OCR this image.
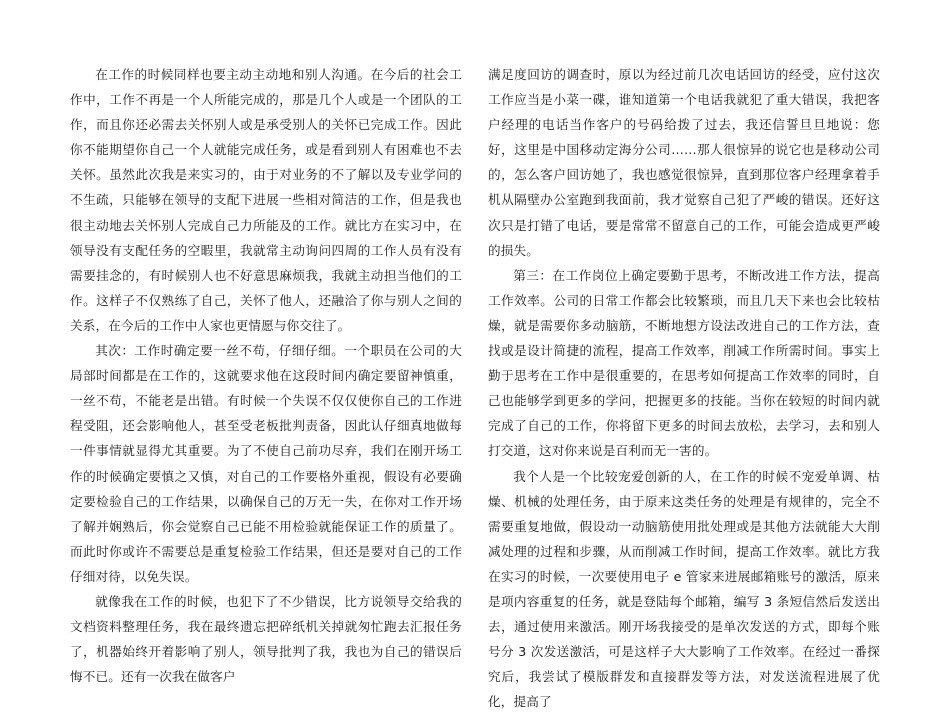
在工作的时候同样也要主动主动地和别人沟通。在今后的社会工作中，工作不再是一个人所能完成的，那是几个人或是一个团队的工作，而且你还必需去关怀别人或是承受别人的关怀已完成工作。因此你不能期望你自己一个人就能完成任务，或是看到别人有困难也不去关怀。虽然此次我是来实习的，由于对业务的不了解以及专业学问的不生疏，只能够在领导的支配下进展一些相对简洁的工作，但是我也很主动地去关怀别人完成自己力所能及的工作。就比方在实习中，在领导没有支配任务的空暇里，我就常主动询问四周的工作人员有没有需要挂念的，有时候别人也不好意思麻烦我，我就主动担当他们的工作。这样子不仅熟练了自己，关怀了他人，还融洽了你与别人之间的关系，在今后的工作中人家也更情愿与你交往了。

其次：工作时确定要一丝不苟，仔细仔细。一个职员在公司的大局部时间都是在工作的，这就要求他在这段时间内确定要留神慎重，一丝不苟，不能老是出错。有时候一个失误不仅仅使你自己的工作进程受阻，还会影响他人，甚至受老板批判责备，因此认仔细真地做每一件事情就显得尤其重要。为了不使自己前功尽弃，我们在刚开场工作的时候确定要慎之又慎，对自己的工作要格外重视，假设有必要确定要检验自己的工作结果，以确保自己的万无一失，在你对工作开场了解并娴熟后，你会觉察自己已能不用检验就能保证工作的质量了。而此时你或许不需要总是重复检验工作结果，但还是要对自己的工作仔细对待，以免失误。

就像我在工作的时候，也犯下了不少错误，比方说领导交给我的文档资料整理任务，我在最终遗忘把碎纸机关掉就匆忙跑去汇报任务了，机器始终开着影响了别人，领导批判了我，我也为自己的错误后悔不已。还有一次我在做客户

满足度回访的调查时，原以为经过前几次电话回访的经受，应付这次工作应当是小菜一碟，谁知道第一个电话我就犯了重大错误，我把客户经理的电话当作客户的号码给拨了过去，我还信誓旦旦地说：您好，这里是中国移动定海分公司……那人很惊异的说它也是移动公司的，怎么客户回访她了，我也感觉很惊异，直到那位客户经理拿着手机从隔壁办公室跑到我面前，我才觉察自己犯了严峻的错误。还好这次只是打错了电话，要是常常不留意自己的工作，可能会造成更严峻的损失。

第三：在工作岗位上确定要勤于思考，不断改进工作方法，提高工作效率。公司的日常工作都会比较繁琐，而且几天下来也会比较枯燥，就是需要你多动脑筋，不断地想方设法改进自己的工作方法，查找或是设计简捷的流程，提高工作效率，削减工作所需时间。事实上勤于思考在工作中是很重要的，在思考如何提高工作效率的同时，自己也能够学到更多的学问，把握更多的技能。当你在较短的时间内就完成了自己的工作，你将留下更多的时间去放松，去学习，去和别人打交道，这对你来说是百利而无一害的。

我个人是一个比较宠爱创新的人，在工作的时候不宠爱单调、枯燥、机械的处理任务，由于原来这类任务的处理是有规律的，完全不需要重复地做，假设动一动脑筋使用批处理或是其他方法就能大大削减处理的过程和步骤，从而削减工作时间，提高工作效率。就比方我在实习的时候，一次要使用电子 e 管家来进展邮箱账号的激活，原来是项内容重复的任务，就是登陆每个邮箱，编写 3 条短信然后发送出去，通过使用来激活。刚开场我接受的是单次发送的方式，即每个账号分 3 次发送激活，可是这样子大大影响了工作效率。在经过一番探究后，我尝试了模版群发和直接群发等方法，对发送流程进展了优化，提高了
